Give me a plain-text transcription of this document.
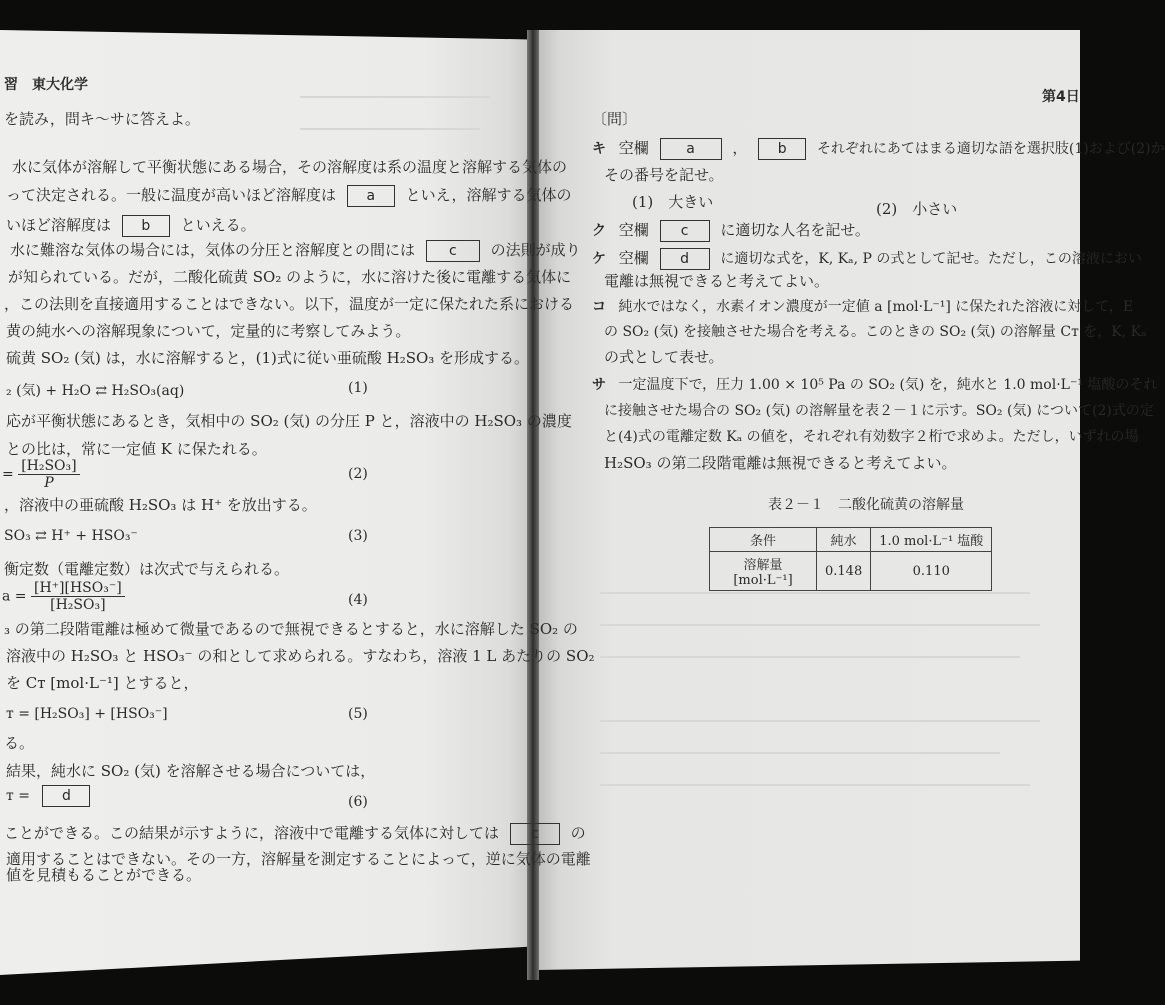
習　東大化学
を読み，問キ〜サに答えよ。
水に気体が溶解して平衡状態にある場合，その溶解度は系の温度と溶解する気体の
って決定される。一般に温度が高いほど溶解度は a といえ，溶解する気体の
いほど溶解度は b といえる。
水に難溶な気体の場合には，気体の分圧と溶解度との間には c の法則が成り
が知られている。だが，二酸化硫黄 SO₂ のように，水に溶けた後に電離する気体に
，この法則を直接適用することはできない。以下，温度が一定に保たれた系における
黄の純水への溶解現象について，定量的に考察してみよう。
硫黄 SO₂ (気) は，水に溶解すると，(1)式に従い亜硫酸 H₂SO₃ を形成する。
₂ (気) + H₂O ⇄ H₂SO₃(aq)	(1)
応が平衡状態にあるとき，気相中の SO₂ (気) の分圧 P と，溶液中の H₂SO₃ の濃度
との比は，常に一定値 K に保たれる。
= $\frac{\text{[H₂SO₃]}}{P}$	(2)
，溶液中の亜硫酸 H₂SO₃ は H⁺ を放出する。
SO₃ ⇄ H⁺ + HSO₃⁻	(3)
衡定数（電離定数）は次式で与えられる。
$a = \frac{\text{[H⁺][HSO₃⁻]}}{\text{[H₂SO₃]}}$	(4)
₃ の第二段階電離は極めて微量であるので無視できるとすると，水に溶解した SO₂ の
溶液中の H₂SO₃ と HSO₃⁻ の和として求められる。すなわち，溶液 1 L あたりの SO₂
を Cᴛ [mol·L⁻¹] とすると，
ᴛ = [H₂SO₃] + [HSO₃⁻]	(5)
る。
結果，純水に SO₂ (気) を溶解させる場合については，
ᴛ = d	(6)
ことができる。この結果が示すように，溶液中で電離する気体に対しては c の
適用することはできない。その一方，溶解量を測定することによって，逆に気体の電離
値を見積もることができる。
第4日
〔問〕
キ 空欄	a ， b それぞれにあてはまる適切な語を選択肢(1)および(2)か
その番号を記せ。
(1)　大きい	(2)　小さい
ク 空欄 c に適切な人名を記せ。
ケ 空欄 d に適切な式を，K, Kₐ, P の式として記せ。ただし，この溶液におい
電離は無視できると考えてよい。
コ 純水ではなく，水素イオン濃度が一定値 a [mol·L⁻¹] に保たれた溶液に対して，E
の SO₂ (気) を接触させた場合を考える。このときの SO₂ (気) の溶解量 Cᴛ を，K, Kₐ
の式として表せ。
サ 一定温度下で，圧力 1.00 × 10⁵ Pa の SO₂ (気) を，純水と 1.0 mol·L⁻¹ 塩酸のそれ
に接触させた場合の SO₂ (気) の溶解量を表２－１に示す。SO₂ (気) について(2)式の定
と(4)式の電離定数 Kₐ の値を，それぞれ有効数字２桁で求めよ。ただし，いずれの場
H₂SO₃ の第二段階電離は無視できると考えてよい。
表２－１　二酸化硫黄の溶解量
条件	純水	1.0 mol·L⁻¹ 塩酸
溶解量 [mol·L⁻¹]	0.148	0.110
